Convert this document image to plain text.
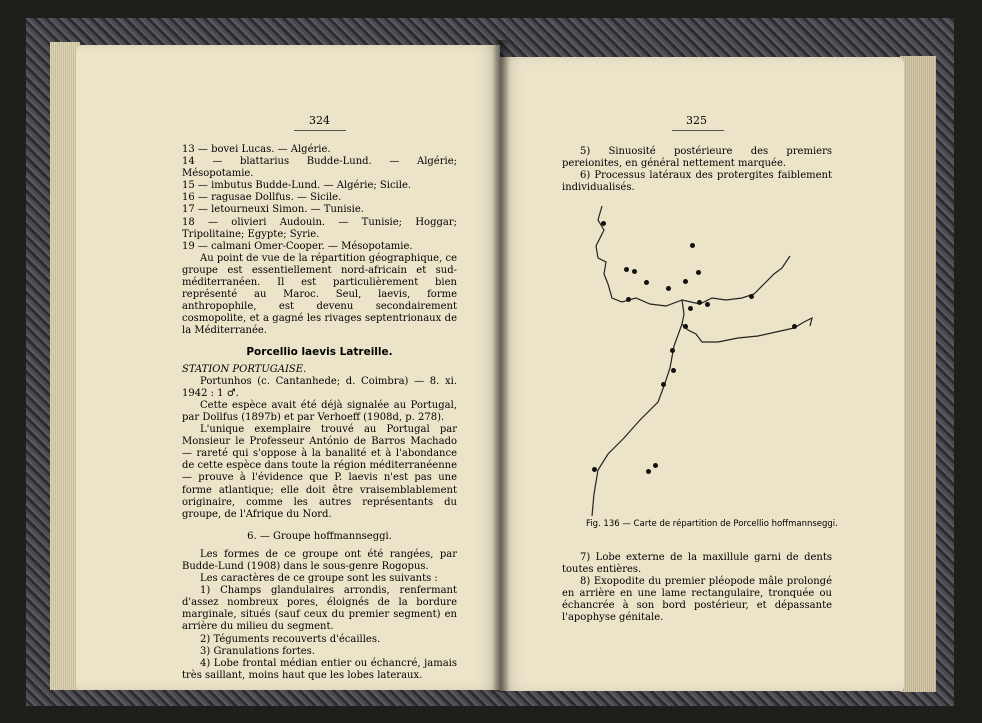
324

13 — bovei Lucas. — Algérie.

14 — blattarius Budde-Lund. — Algérie; Mésopotamie.

15 — imbutus Budde-Lund. — Algérie; Sicile.

16 — ragusae Dollfus. — Sicile.

17 — letourneuxi Simon. — Tunisie.

18 — olivieri Audouin. — Tunisie; Hoggar; Tripolitaine; Egypte; Syrie.

19 — calmani Omer-Cooper. — Mésopotamie.

Au point de vue de la répartition géographique, ce groupe est essentiellement nord-africain et sud-méditerranéen. Il est particulièrement bien représenté au Maroc. Seul, laevis, forme anthropophile, est devenu secondairement cosmopolite, et a gagné les rivages septentrionaux de la Méditerranée.

Porcellio laevis Latreille.

STATION PORTUGAISE.

Portunhos (c. Cantanhede; d. Coimbra) — 8. xi. 1942 : 1 ♂.

Cette espèce avait été déjà signalée au Portugal, par Dollfus (1897b) et par Verhoeff (1908d, p. 278).

L'unique exemplaire trouvé au Portugal par Monsieur le Professeur António de Barros Machado — rareté qui s'oppose à la banalité et à l'abondance de cette espèce dans toute la région méditerranéenne — prouve à l'évidence que P. laevis n'est pas une forme atlantique; elle doit être vraisemblablement originaire, comme les autres représentants du groupe, de l'Afrique du Nord.

6. — Groupe hoffmannseggi.

Les formes de ce groupe ont été rangées, par Budde-Lund (1908) dans le sous-genre Rogopus.

Les caractères de ce groupe sont les suivants :

1) Champs glandulaires arrondis, renfermant d'assez nombreux pores, éloignés de la bordure marginale, situés (sauf ceux du premier segment) en arrière du milieu du segment.

2) Téguments recouverts d'écailles.

3) Granulations fortes.

4) Lobe frontal médian entier ou échancré, jamais très saillant, moins haut que les lobes lateraux.

325

5) Sinuosité postérieure des premiers pereionites, en général nettement marquée.

6) Processus latéraux des protergites faiblement individualisés.

Fig. 136 — Carte de répartition de Porcellio hoffmannseggi.

7) Lobe externe de la maxillule garni de dents toutes entières.

8) Exopodite du premier pléopode mâle prolongé en arrière en une lame rectangulaire, tronquée ou échancrée à son bord postérieur, et dépassante l'apophyse génitale.
